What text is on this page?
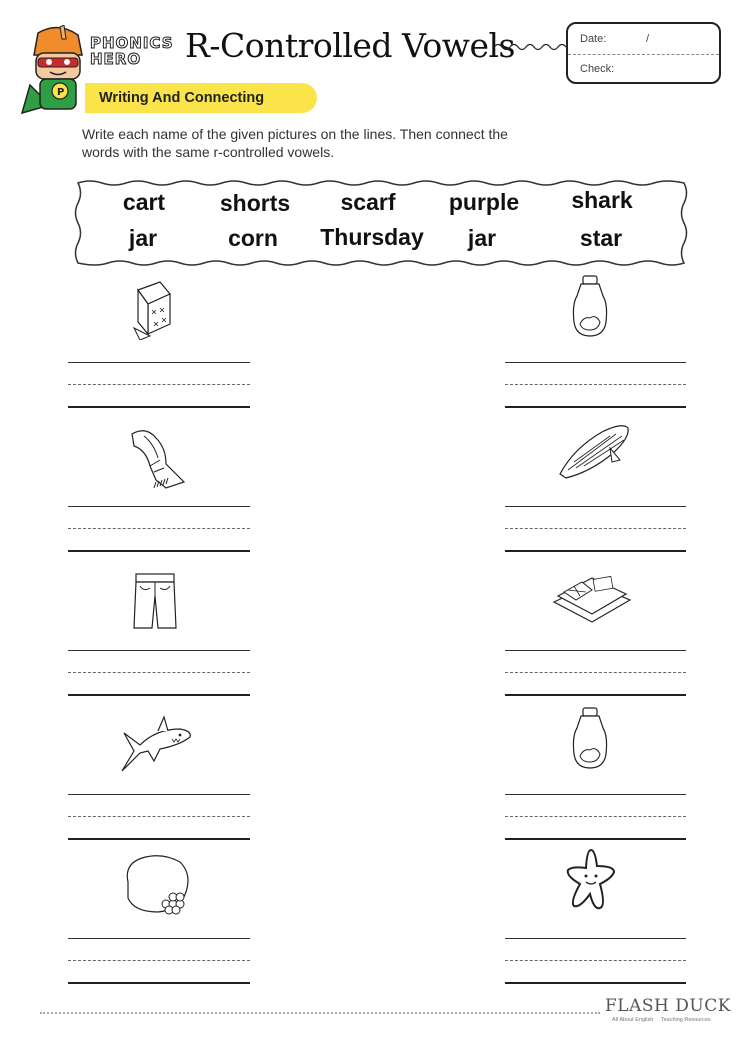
P
PHONICS
HERO	R-Controlled Vowels	Date:	/
Check:
Writing And Connecting
Write each name of the given pictures on the lines. Then connect the
words with the same r-controlled vowels.
cart shorts scarf purple shark
jar	corn Thursday jar	star
FLASH DUCK
All About English Teaching Resources
